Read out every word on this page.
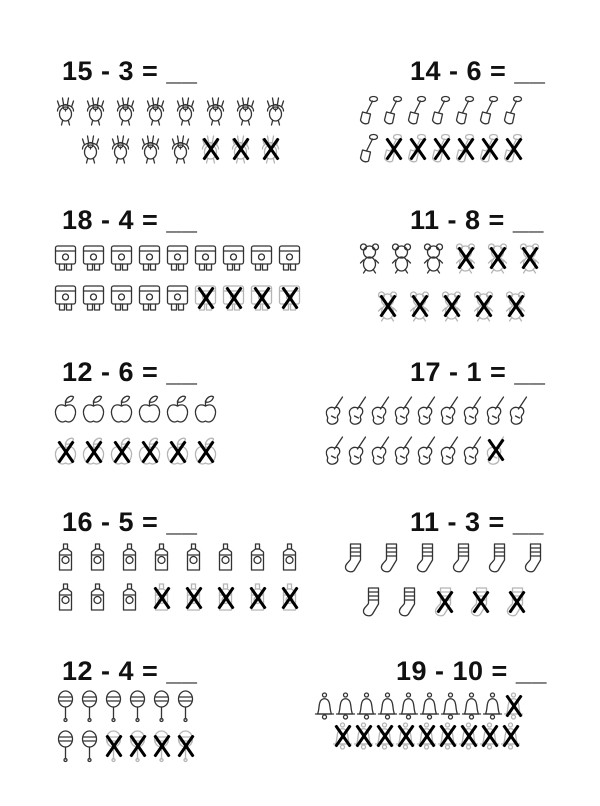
15 - 3 = __	14 - 6 = __
18 - 4 = __	11 - 8 = __
12 - 6 = __	17 - 1 = __
16 - 5 = __	11 - 3 = __
12 - 4 = __	19 - 10 = __
